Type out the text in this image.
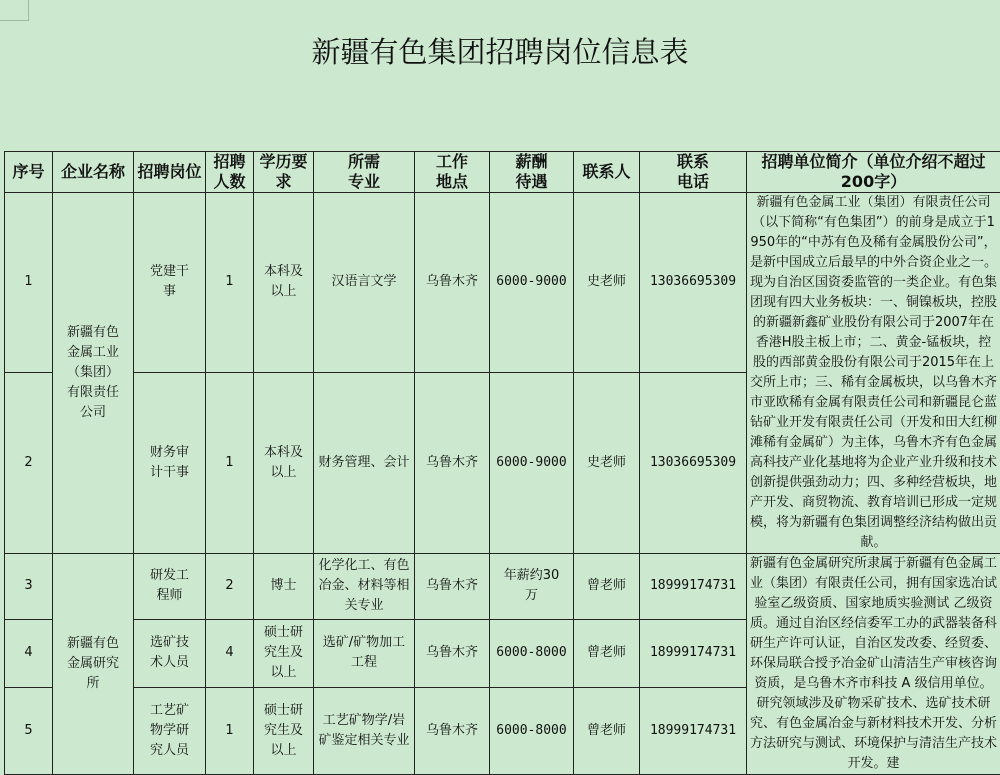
新疆有色集团招聘岗位信息表
序号	企业名称	招聘岗位	招聘人数	学历要求	所需专业	工作地点	薪酬待遇	联系人	联系电话	招聘单位简介（单位介绍不超过200字）
1	新疆有色金属工业（集团）有限责任公司	党建干事	1	本科及以上	汉语言文学	乌鲁木齐	6000-9000	史老师	13036695309	新疆有色金属工业（集团）有限责任公司（以下简称“有色集团”）的前身是成立于1950年的“中苏有色及稀有金属股份公司”，是新中国成立后最早的中外合资企业之一。现为自治区国资委监管的一类企业。有色集团现有四大业务板块：一、铜镍板块，控股的新疆新鑫矿业股份有限公司于2007年在香港H股主板上市；二、黄金-锰板块，控股的西部黄金股份有限公司于2015年在上交所上市；三、稀有金属板块，以乌鲁木齐市亚欧稀有金属有限责任公司和新疆昆仑蓝钻矿业开发有限责任公司（开发和田大红柳滩稀有金属矿）为主体，乌鲁木齐有色金属高科技产业化基地将为企业产业升级和技术创新提供强劲动力；四、多种经营板块，地产开发、商贸物流、教育培训已形成一定规模，将为新疆有色集团调整经济结构做出贡献。
2		财务审计干事	1	本科及以上	财务管理、会计	乌鲁木齐	6000-9000	史老师	13036695309	
3	新疆有色金属研究所	研发工程师	2	博士	化学化工、有色冶金、材料等相关专业	乌鲁木齐	年薪约30万	曾老师	18999174731	新疆有色金属研究所隶属于新疆有色金属工业（集团）有限责任公司，拥有国家选冶试验室乙级资质、国家地质实验测试 乙级资质。通过自治区经信委军工办的武器装备科研生产许可认证，自治区发改委、经贸委、环保局联合授予冶金矿山清洁生产审核咨询资质，是乌鲁木齐市科技 A 级信用单位。研究领域涉及矿物采矿技术、选矿技术研究、有色金属冶金与新材料技术开发、分析方法研究与测试、环境保护与清洁生产技术开发。建
4		选矿技术人员	4	硕士研究生及以上	选矿/矿物加工工程	乌鲁木齐	6000-8000	曾老师	18999174731	
5		工艺矿物学研究人员	1	硕士研究生及以上	工艺矿物学/岩矿鉴定相关专业	乌鲁木齐	6000-8000	曾老师	18999174731	
